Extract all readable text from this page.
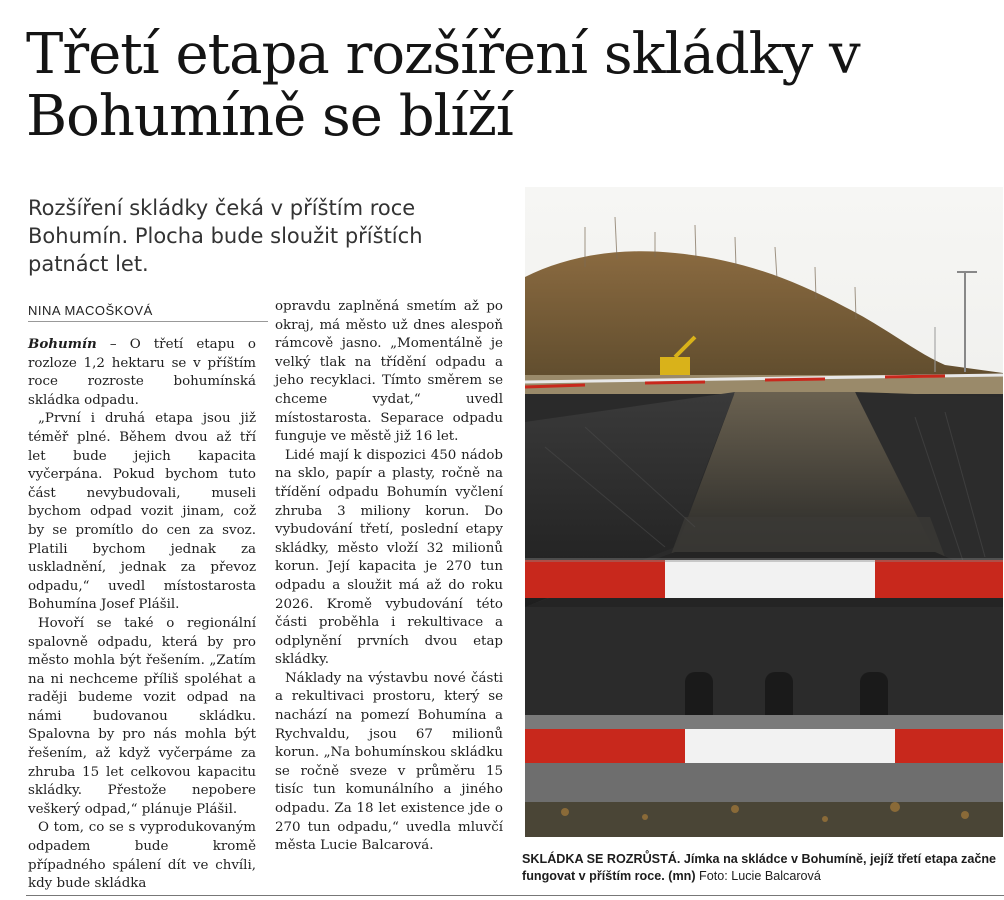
Třetí etapa rozšíření skládky v Bohumíně se blíží

Rozšíření skládky čeká v příštím roce Bohumín. Plocha bude sloužit příštích patnáct let.

NINA MACOŠKOVÁ

Bohumín – O třetí etapu o rozloze 1,2 hektaru se v příštím roce rozroste bohumínská skládka odpadu.

„První i druhá etapa jsou již téměř plné. Během dvou až tří let bude jejich kapacita vyčerpána. Pokud bychom tuto část nevybudovali, museli bychom odpad vozit jinam, což by se promítlo do cen za svoz. Platili bychom jednak za uskladnění, jednak za převoz odpadu,“ uvedl místostarosta Bohumína Josef Plášil.

Hovoří se také o regionální spalovně odpadu, která by pro město mohla být řešením. „Zatím na ni nechceme příliš spoléhat a raději budeme vozit odpad na námi budovanou skládku. Spalovna by pro nás mohla být řešením, až když vyčerpáme za zhruba 15 let celkovou kapacitu skládky. Přestože nepobere veškerý odpad,“ plánuje Plášil.

O tom, co se s vyprodukovaným odpadem bude kromě případného spálení dít ve chvíli, kdy bude skládka

opravdu zaplněná smetím až po okraj, má město už dnes alespoň rámcově jasno. „Momentálně je velký tlak na třídění odpadu a jeho recyklaci. Tímto směrem se chceme vydat,“ uvedl místostarosta. Separace odpadu funguje ve městě již 16 let.

Lidé mají k dispozici 450 nádob na sklo, papír a plasty, ročně na třídění odpadu Bohumín vyčlení zhruba 3 miliony korun. Do vybudování třetí, poslední etapy skládky, město vloží 32 milionů korun. Její kapacita je 270 tun odpadu a sloužit má až do roku 2026. Kromě vybudování této části proběhla i rekultivace a odplynění prvních dvou etap skládky.

Náklady na výstavbu nové části a rekultivaci prostoru, který se nachází na pomezí Bohumína a Rychvaldu, jsou 67 milionů korun. „Na bohumínskou skládku se ročně sveze v průměru 15 tisíc tun komunálního a jiného odpadu. Za 18 let existence jde o 270 tun odpadu,“ uvedla mluvčí města Lucie Balcarová.

SKLÁDKA SE ROZRŮSTÁ. Jímka na skládce v Bohumíně, jejíž třetí etapa začne fungovat v příštím roce. (mn) Foto: Lucie Balcarová
